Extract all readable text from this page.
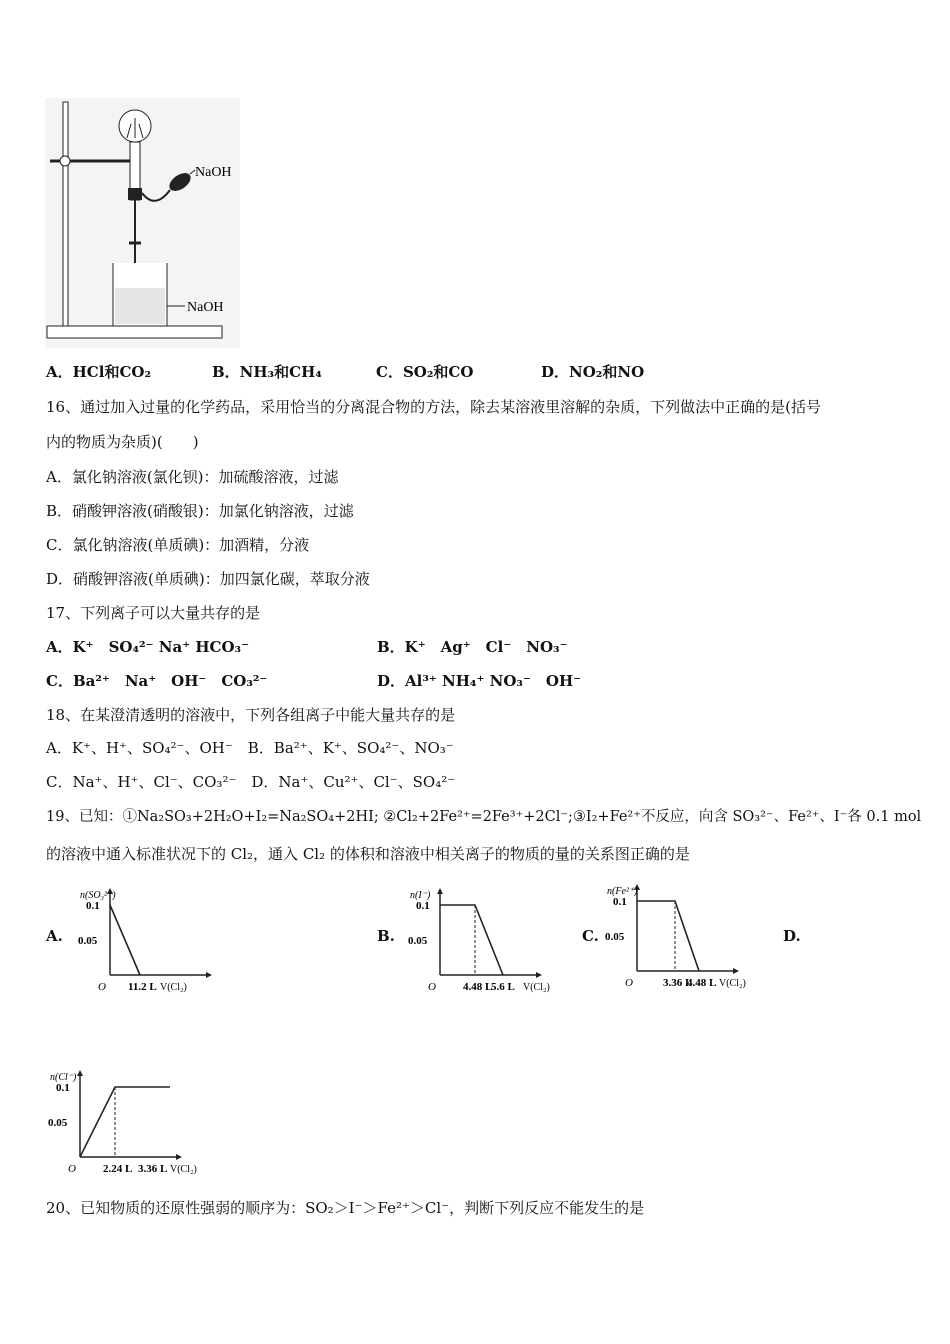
NaOH
NaOH
A．HCl和CO₂	B．NH₃和CH₄	C．SO₂和CO	D．NO₂和NO
16、通过加入过量的化学药品，采用恰当的分离混合物的方法，除去某溶液里溶解的杂质，下列做法中正确的是(括号
内的物质为杂质)(　　)
A．氯化钠溶液(氯化钡)：加硫酸溶液，过滤
B．硝酸钾溶液(硝酸银)：加氯化钠溶液，过滤
C．氯化钠溶液(单质碘)：加酒精，分液
D．硝酸钾溶液(单质碘)：加四氯化碳，萃取分液
17、下列离子可以大量共存的是
A．K⁺　SO₄²⁻ Na⁺ HCO₃⁻	B．K⁺　Ag⁺　Cl⁻　NO₃⁻
C．Ba²⁺　Na⁺　OH⁻　CO₃²⁻	D．Al³⁺ NH₄⁺ NO₃⁻　OH⁻
18、在某澄清透明的溶液中，下列各组离子中能大量共存的是
A．K⁺、H⁺、SO₄²⁻、OH⁻　B．Ba²⁺、K⁺、SO₄²⁻、NO₃⁻
C．Na⁺、H⁺、Cl⁻、CO₃²⁻　D．Na⁺、Cu²⁺、Cl⁻、SO₄²⁻
19、已知：①Na₂SO₃+2H₂O+I₂=Na₂SO₄+2HI; ②Cl₂+2Fe²⁺=2Fe³⁺+2Cl⁻;③I₂+Fe²⁺不反应，向含 SO₃²⁻、Fe²⁺、I⁻各 0.1 mol
的溶液中通入标准状况下的 Cl₂，通入 Cl₂ 的体积和溶液中相关离子的物质的量的关系图正确的是
A.	B.	C.	D.
n(SO₃²⁻)
0.1
0.05
O 11.2 L V(Cl₂)
n(I⁻)
0.1
0.05
O 4.48 L
5.6 L V(Cl₂)
n(Fe²⁺)
0.1
0.05
O	3.36 L
4.48 L V(Cl₂)
n(Cl⁻)
0.1
0.05
O 2.24 L 3.36 L V(Cl₂)
20、已知物质的还原性强弱的顺序为：SO₂＞I⁻＞Fe²⁺＞Cl⁻，判断下列反应不能发生的是
